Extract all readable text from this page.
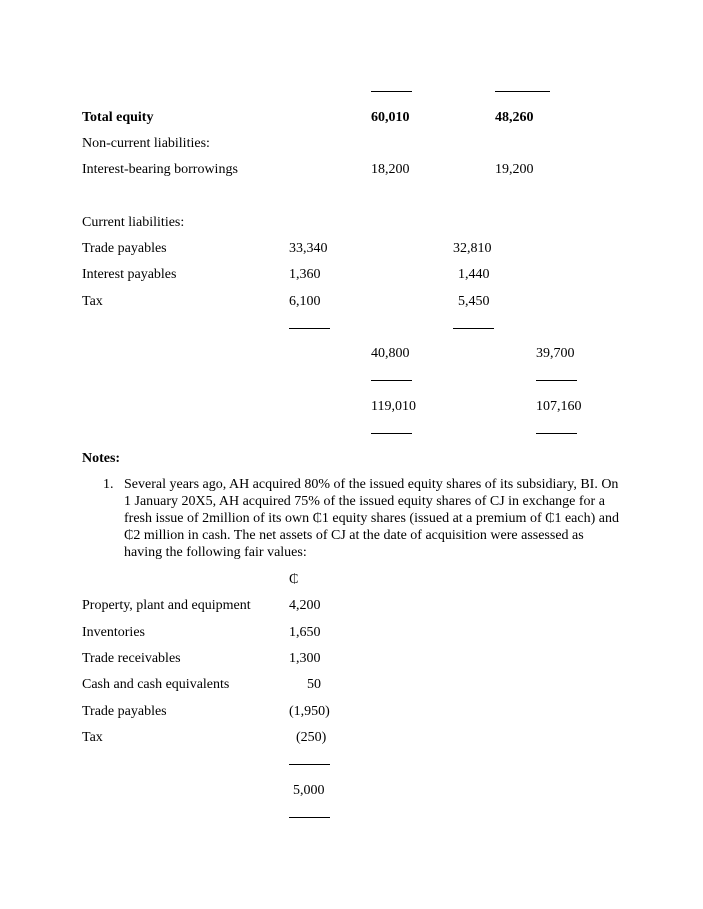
Total equity	60,010	48,260
Non-current liabilities:
Interest-bearing borrowings	18,200	19,200
Current liabilities:
Trade payables	33,340	32,810
Interest payables	1,360	1,440
Tax	6,100	5,450
40,800	39,700
119,010	107,160
Notes:
1. Several years ago, AH acquired 80% of the issued equity shares of its subsidiary, BI. On 1 January 20X5, AH acquired 75% of the issued equity shares of CJ in exchange for a fresh issue of 2million of its own ₵1 equity shares (issued at a premium of ₵1 each) and ₵2 million in cash. The net assets of CJ at the date of acquisition were assessed as having the following fair values:
₵
Property, plant and equipment	4,200
Inventories	1,650
Trade receivables	1,300
Cash and cash equivalents	50
Trade payables	(1,950)
Tax	(250)
5,000
